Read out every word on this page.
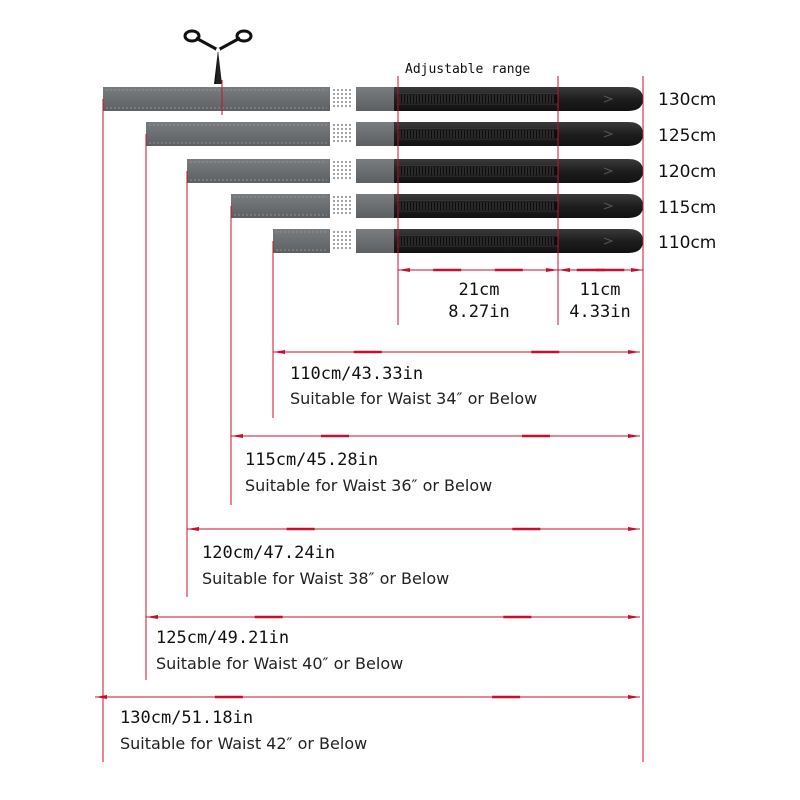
Adjustable range
130cm
125cm
120cm
115cm
110cm
21cm
8.27in
11cm
4.33in
110cm/43.33in
Suitable for Waist 34″ or Below
115cm/45.28in
Suitable for Waist 36″ or Below
120cm/47.24in
Suitable for Waist 38″ or Below
125cm/49.21in
Suitable for Waist 40″ or Below
130cm/51.18in
Suitable for Waist 42″ or Below
